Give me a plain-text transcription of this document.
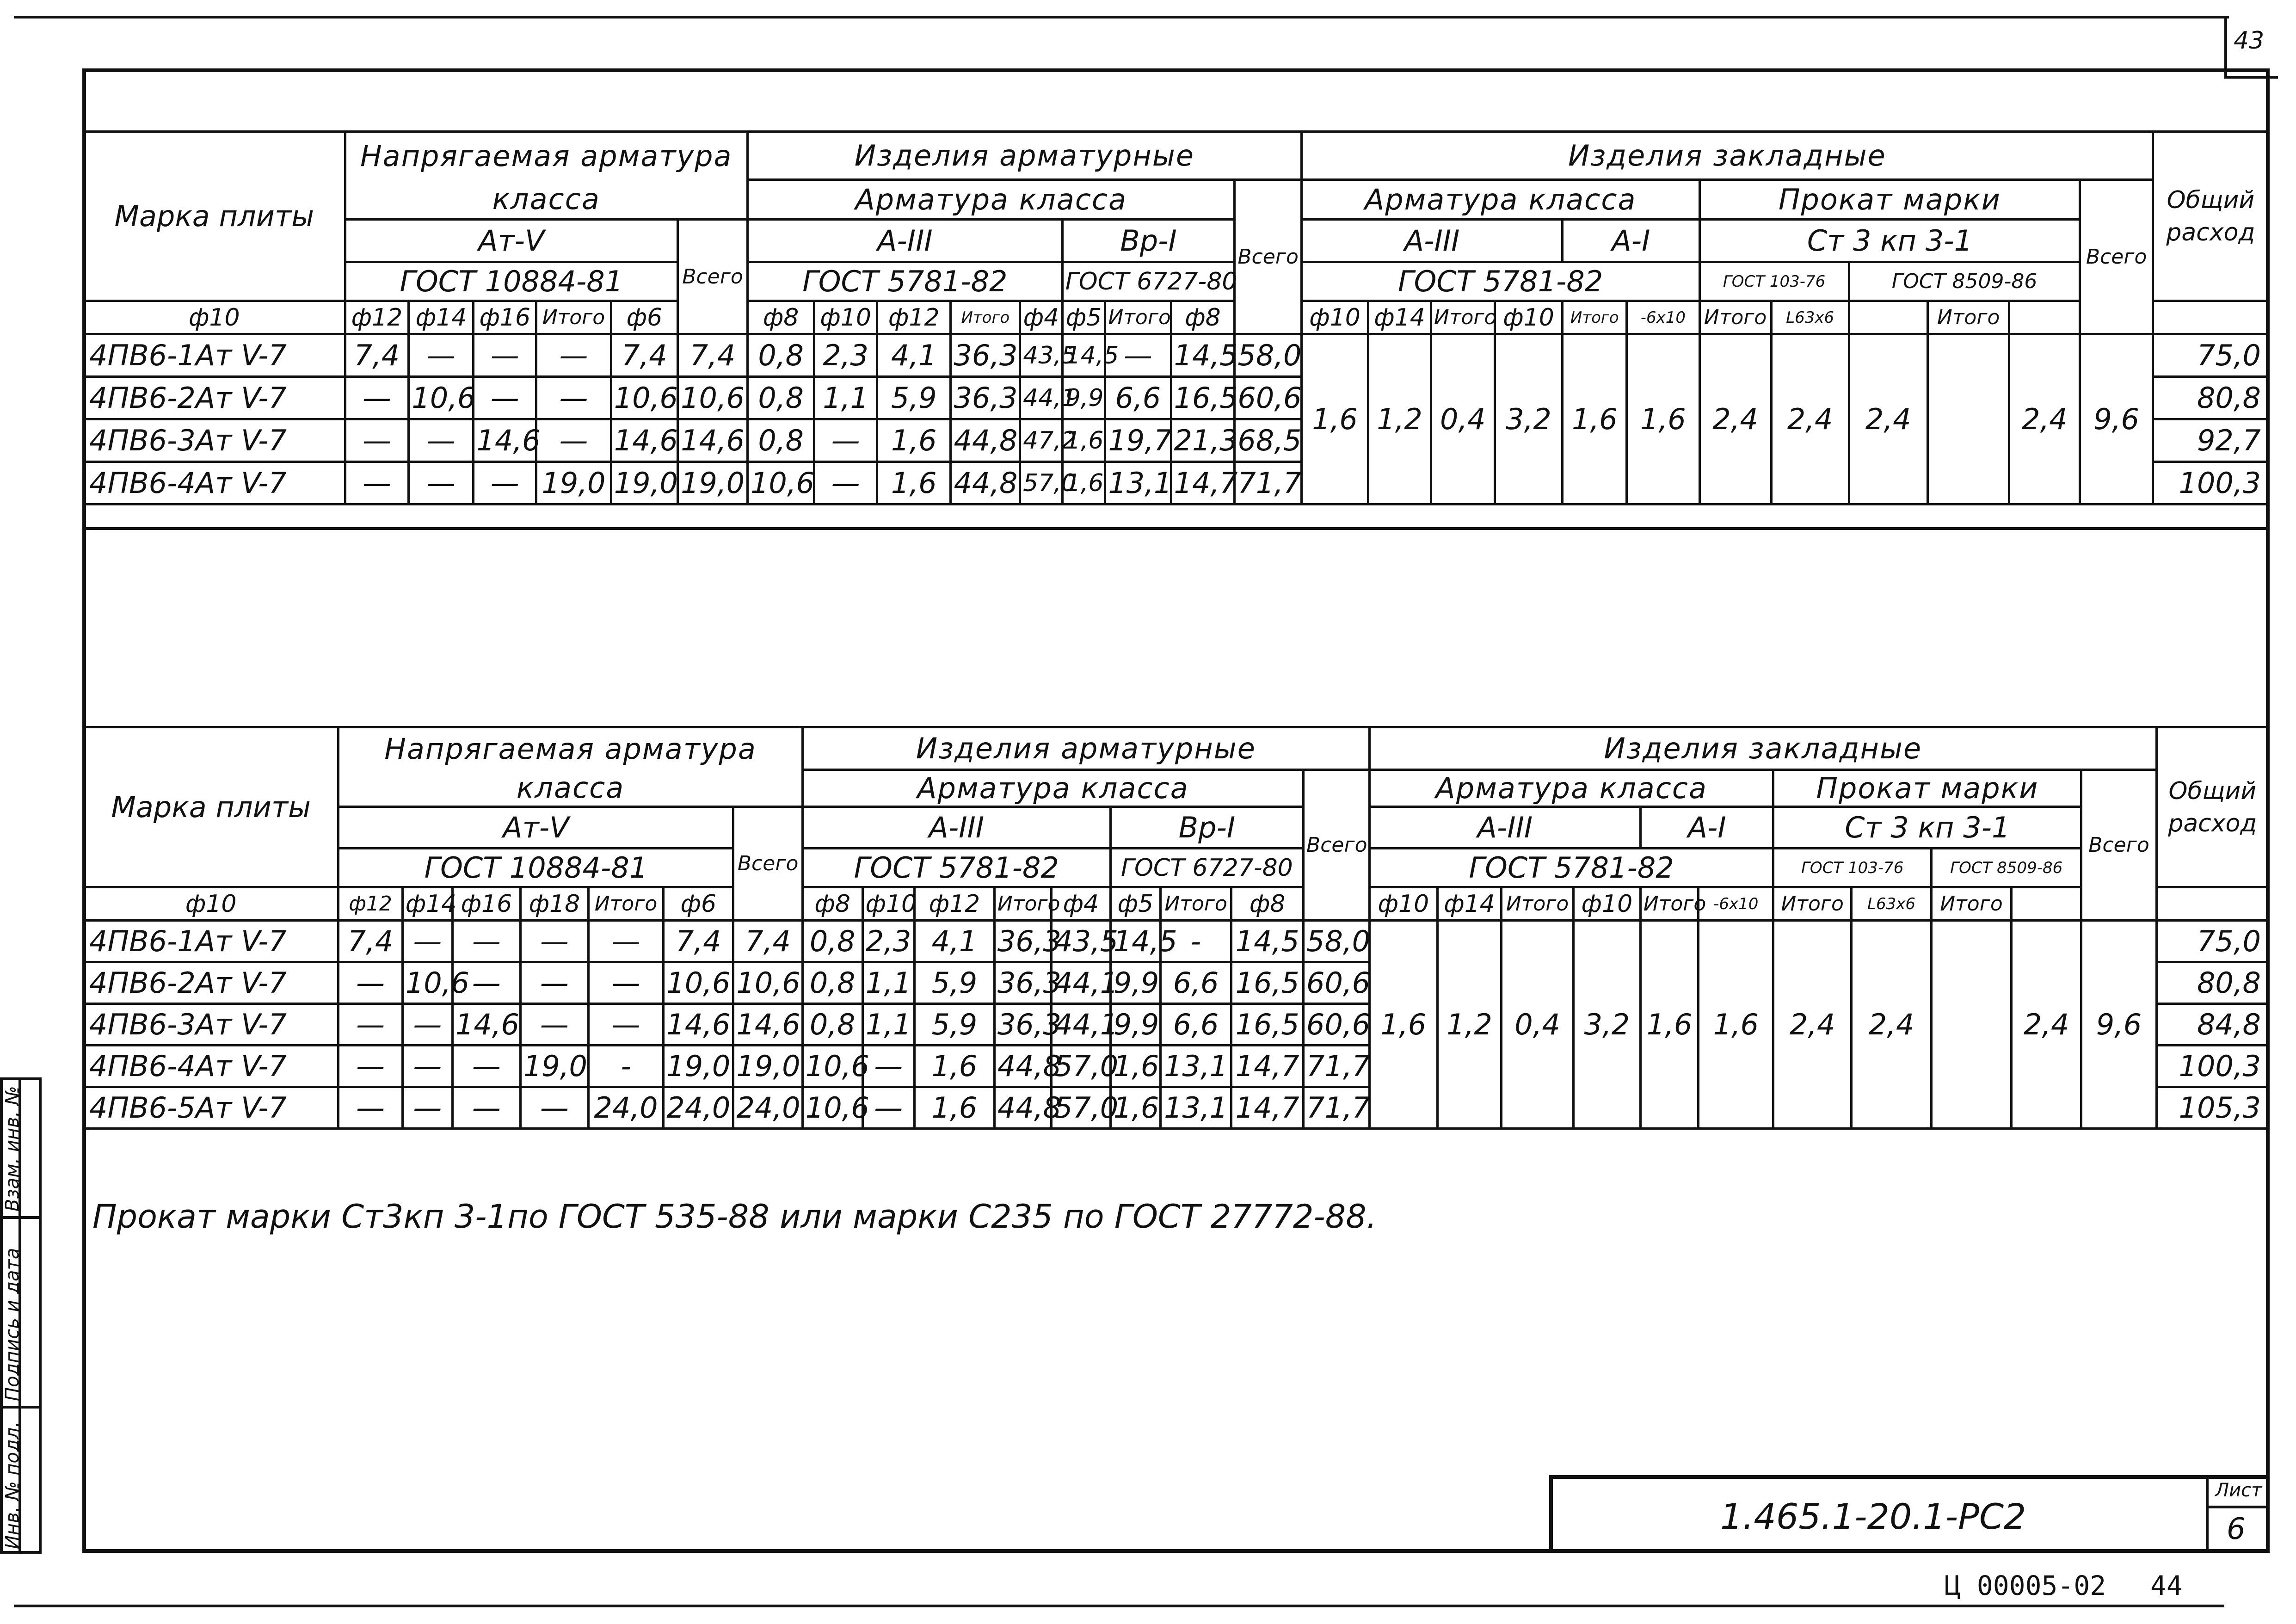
43
Марка плиты	Напрягаемая арматура						Изделия арматурные									Изделия закладные												Общий расход
	класса						Арматура класса								Всего	Арматура класса						Прокат марки					Всего	
	Ат-V					Всего	А-III					Вр-I				А-III				А-I		Ст 3 кп 3-1						
	ГОСТ 10884-81						ГОСТ 5781-82					ГОСТ 6727-80				ГОСТ 5781-82						ГОСТ 103-76		ГОСТ 8509-86				
ф10	ф12	ф14	ф16	Итого	ф6		ф8	ф10	ф12	Итого	ф4	ф5	Итого	ф8		ф10	ф14	Итого	ф10	Итого	-6х10	Итого	L63х6		Итого			
4ПВ6-1Ат V-7	7,4	—	—	—	7,4	7,4	0,8	2,3	4,1	36,3	43,5	14,5	—	14,5	58,0	1,6	1,2	0,4	3,2	1,6	1,6	2,4	2,4	2,4		2,4	9,6	75,0
4ПВ6-2Ат V-7	—	10,6	—	—	10,6	10,6	0,8	1,1	5,9	36,3	44,1	9,9	6,6	16,5	60,6													80,8
4ПВ6-3Ат V-7	—	—	14,6	—	14,6	14,6	0,8	—	1,6	44,8	47,2	1,6	19,7	21,3	68,5													92,7
4ПВ6-4Ат V-7	—	—	—	19,0	19,0	19,0	10,6	—	1,6	44,8	57,0	1,6	13,1	14,7	71,7													100,3
Марка плиты	Напрягаемая арматура							Изделия арматурные									Изделия закладные											Общий расход
	класса							Арматура класса								Всего	Арматура класса						Прокат марки				Всего	
	Ат-V						Всего	А-III					Вр-I				А-III				А-I		Ст 3 кп 3-1					
	ГОСТ 10884-81							ГОСТ 5781-82					ГОСТ 6727-80				ГОСТ 5781-82						ГОСТ 103-76		ГОСТ 8509-86			
ф10	ф12	ф14	ф16	ф18	Итого	ф6		ф8	ф10	ф12	Итого	ф4	ф5	Итого	ф8		ф10	ф14	Итого	ф10	Итого	-6х10	Итого	L63х6	Итого			
4ПВ6-1Ат V-7	7,4	—	—	—	—	7,4	7,4	0,8	2,3	4,1	36,3	43,5	14,5	-	14,5	58,0	1,6	1,2	0,4	3,2	1,6	1,6	2,4	2,4		2,4	9,6	75,0
4ПВ6-2Ат V-7	—	10,6	—	—	—	10,6	10,6	0,8	1,1	5,9	36,3	44,1	9,9	6,6	16,5	60,6												80,8
4ПВ6-3Ат V-7	—	—	14,6	—	—	14,6	14,6	0,8	1,1	5,9	36,3	44,1	9,9	6,6	16,5	60,6												84,8
4ПВ6-4Ат V-7	—	—	—	19,0	-	19,0	19,0	10,6	—	1,6	44,8	57,0	1,6	13,1	14,7	71,7												100,3
4ПВ6-5Ат V-7	—	—	—	—	24,0	24,0	24,0	10,6	—	1,6	44,8	57,0	1,6	13,1	14,7	71,7												105,3
Прокат марки Ст3кп 3-1по ГОСТ 535-88 или марки С235 по ГОСТ 27772-88.
Инв. № подл.
Подпись и дата
Взам. инв. №
1.465.1-20.1-РС2
Лист
6
Ц 00005-02 44
